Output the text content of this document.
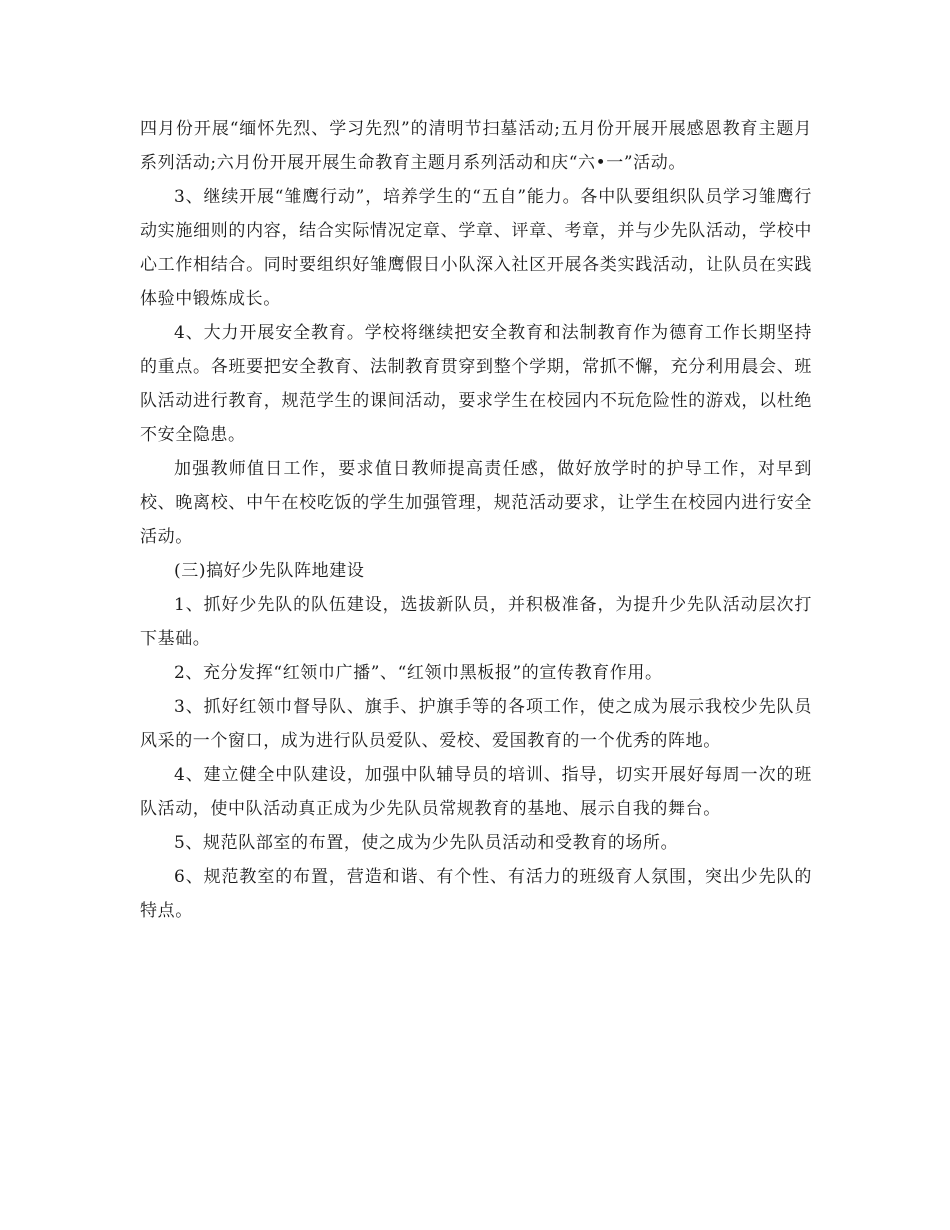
四月份开展“缅怀先烈、学习先烈”的清明节扫墓活动;五月份开展开展感恩教育主题月系列活动;六月份开展开展生命教育主题月系列活动和庆“六•一”活动。

3、继续开展“雏鹰行动”，培养学生的“五自”能力。各中队要组织队员学习雏鹰行动实施细则的内容，结合实际情况定章、学章、评章、考章，并与少先队活动，学校中心工作相结合。同时要组织好雏鹰假日小队深入社区开展各类实践活动，让队员在实践体验中锻炼成长。

4、大力开展安全教育。学校将继续把安全教育和法制教育作为德育工作长期坚持的重点。各班要把安全教育、法制教育贯穿到整个学期，常抓不懈，充分利用晨会、班队活动进行教育，规范学生的课间活动，要求学生在校园内不玩危险性的游戏，以杜绝不安全隐患。

加强教师值日工作，要求值日教师提高责任感，做好放学时的护导工作，对早到校、晚离校、中午在校吃饭的学生加强管理，规范活动要求，让学生在校园内进行安全活动。

(三)搞好少先队阵地建设

1、抓好少先队的队伍建设，选拔新队员，并积极准备，为提升少先队活动层次打下基础。

2、充分发挥“红领巾广播”、“红领巾黑板报”的宣传教育作用。

3、抓好红领巾督导队、旗手、护旗手等的各项工作，使之成为展示我校少先队员风采的一个窗口，成为进行队员爱队、爱校、爱国教育的一个优秀的阵地。

4、建立健全中队建设，加强中队辅导员的培训、指导，切实开展好每周一次的班队活动，使中队活动真正成为少先队员常规教育的基地、展示自我的舞台。

5、规范队部室的布置，使之成为少先队员活动和受教育的场所。

6、规范教室的布置，营造和谐、有个性、有活力的班级育人氛围，突出少先队的特点。
